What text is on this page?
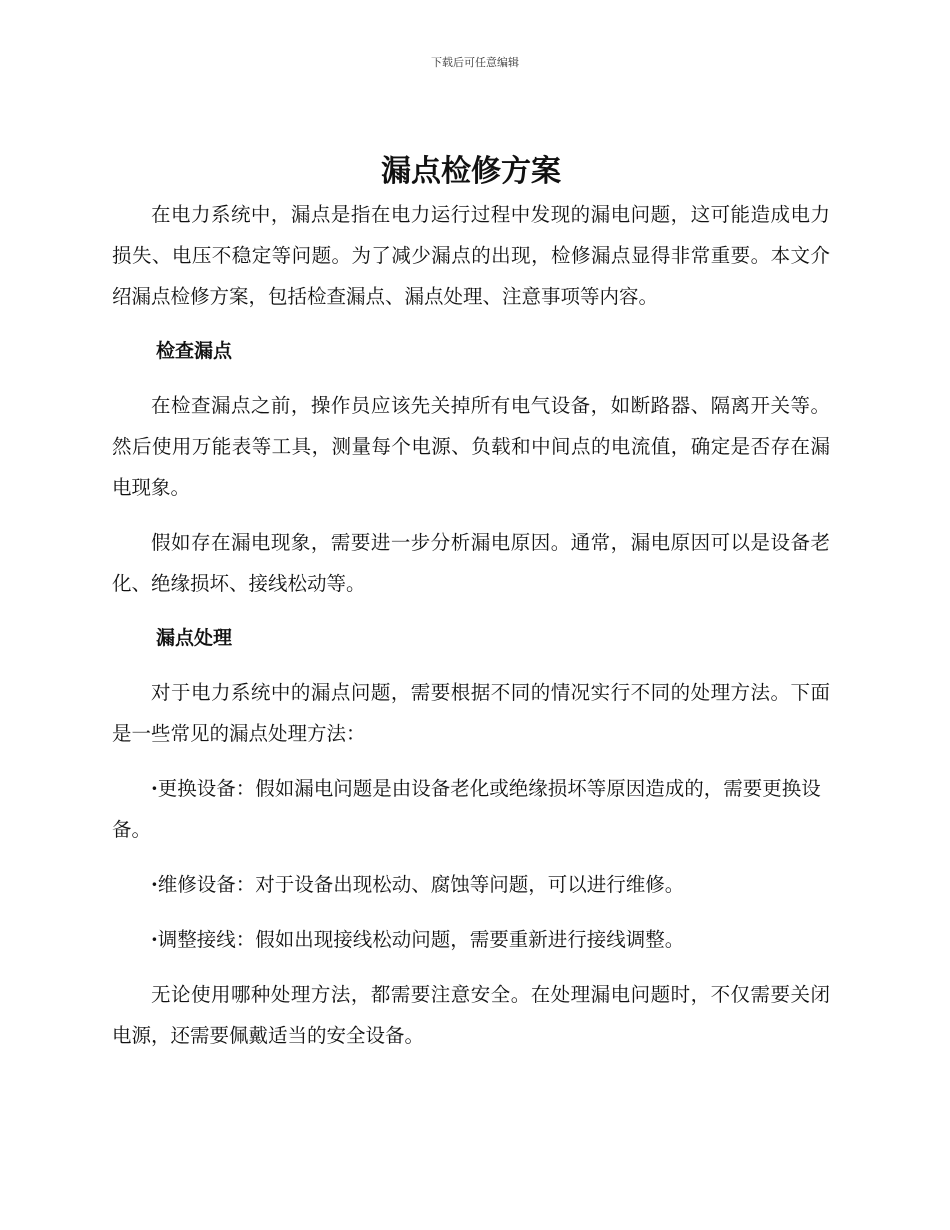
下载后可任意编辑
漏点检修方案

在电力系统中，漏点是指在电力运行过程中发现的漏电问题，这可能造成电力损失、电压不稳定等问题。为了减少漏点的出现，检修漏点显得非常重要。本文介绍漏点检修方案，包括检查漏点、漏点处理、注意事项等内容。

检查漏点

在检查漏点之前，操作员应该先关掉所有电气设备，如断路器、隔离开关等。然后使用万能表等工具，测量每个电源、负载和中间点的电流值，确定是否存在漏电现象。

假如存在漏电现象，需要进一步分析漏电原因。通常，漏电原因可以是设备老化、绝缘损坏、接线松动等。

漏点处理

对于电力系统中的漏点问题，需要根据不同的情况实行不同的处理方法。下面是一些常见的漏点处理方法：

·更换设备：假如漏电问题是由设备老化或绝缘损坏等原因造成的，需要更换设备。

·维修设备：对于设备出现松动、腐蚀等问题，可以进行维修。

·调整接线：假如出现接线松动问题，需要重新进行接线调整。

无论使用哪种处理方法，都需要注意安全。在处理漏电问题时，不仅需要关闭电源，还需要佩戴适当的安全设备。
